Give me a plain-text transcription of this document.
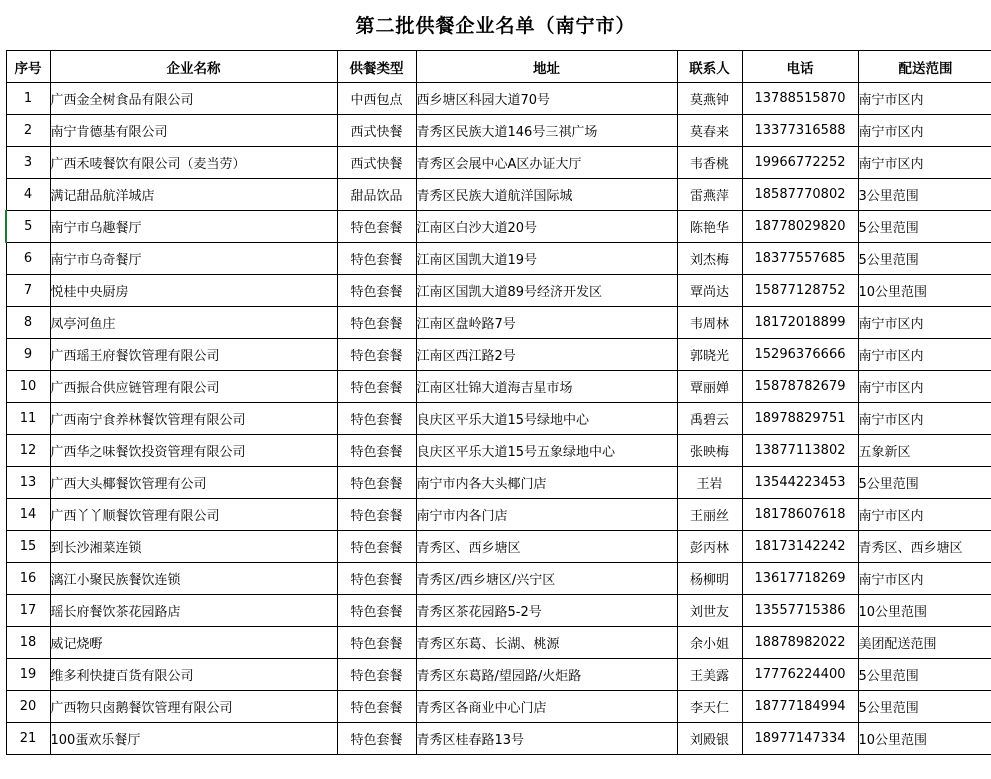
第二批供餐企业名单（南宁市）
序号	企业名称	供餐类型	地址	联系人	电话	配送范围
1	广西金全树食品有限公司	中西包点	西乡塘区科园大道70号	莫燕钟	13788515870	南宁市区内
2	南宁肯德基有限公司	西式快餐	青秀区民族大道146号三祺广场	莫春来	13377316588	南宁市区内
3	广西禾唛餐饮有限公司（麦当劳）	西式快餐	青秀区会展中心A区办证大厅	韦香桃	19966772252	南宁市区内
4	满记甜品航洋城店	甜品饮品	青秀区民族大道航洋国际城	雷燕萍	18587770802	3公里范围
5	南宁市乌趣餐厅	特色套餐	江南区白沙大道20号	陈艳华	18778029820	5公里范围
6	南宁市乌奇餐厅	特色套餐	江南区国凯大道19号	刘杰梅	18377557685	5公里范围
7	悦桂中央厨房	特色套餐	江南区国凯大道89号经济开发区	覃尚达	15877128752	10公里范围
8	凤亭河鱼庄	特色套餐	江南区盘岭路7号	韦周林	18172018899	南宁市区内
9	广西瑶王府餐饮管理有限公司	特色套餐	江南区西江路2号	郭晓光	15296376666	南宁市区内
10	广西振合供应链管理有限公司	特色套餐	江南区壮锦大道海吉星市场	覃丽婵	15878782679	南宁市区内
11	广西南宁食养林餐饮管理有限公司	特色套餐	良庆区平乐大道15号绿地中心	禹碧云	18978829751	南宁市区内
12	广西华之味餐饮投资管理有限公司	特色套餐	良庆区平乐大道15号五象绿地中心	张映梅	13877113802	五象新区
13	广西大头椰餐饮管理有公司	特色套餐	南宁市内各大头椰门店	王岩	13544223453	5公里范围
14	广西丫丫顺餐饮管理有限公司	特色套餐	南宁市内各门店	王丽丝	18178607618	南宁市区内
15	到长沙湘菜连锁	特色套餐	青秀区、西乡塘区	彭丙林	18173142242	青秀区、西乡塘区
16	漓江小聚民族餐饮连锁	特色套餐	青秀区/西乡塘区/兴宁区	杨柳明	13617718269	南宁市区内
17	瑶长府餐饮茶花园路店	特色套餐	青秀区茶花园路5-2号	刘世友	13557715386	10公里范围
18	威记烧嘢	特色套餐	青秀区东葛、长湖、桃源	余小姐	18878982022	美团配送范围
19	维多利快捷百货有限公司	特色套餐	青秀区东葛路/望园路/火炬路	王美露	17776224400	5公里范围
20	广西物只卤鹅餐饮管理有限公司	特色套餐	青秀区各商业中心门店	李天仁	18777184994	5公里范围
21	100蛋欢乐餐厅	特色套餐	青秀区桂春路13号	刘殿银	18977147334	10公里范围
